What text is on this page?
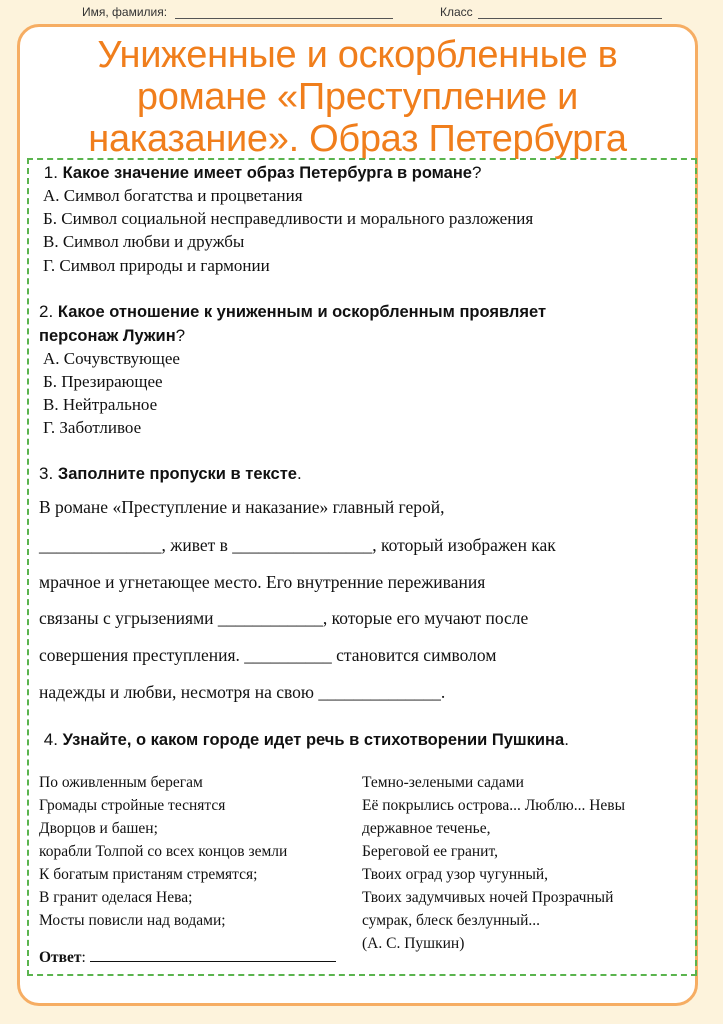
Имя, фамилия:	Класс
Униженные и оскорбленные в
романе «Преступление и
наказание». Образ Петербурга
1. Какое значение имеет образ Петербурга в романе?
А. Символ богатства и процветания
Б. Символ социальной несправедливости и морального разложения
В. Символ любви и дружбы
Г. Символ природы и гармонии
2. Какое отношение к униженным и оскорбленным проявляет
персонаж Лужин?
А. Сочувствующее
Б. Презирающее
В. Нейтральное
Г. Заботливое
3. Заполните пропуски в тексте.
В романе «Преступление и наказание» главный герой,
______________, живет в ________________, который изображен как
мрачное и угнетающее место. Его внутренние переживания
связаны с угрызениями ____________, которые его мучают после
совершения преступления. __________ становится символом
надежды и любви, несмотря на свою ______________.
4. Узнайте, о каком городе идет речь в стихотворении Пушкина.
По оживленным берегам
Громады стройные теснятся
Дворцов и башен;
корабли Толпой со всех концов земли
К богатым пристаням стремятся;
В гранит оделася Нева;
Мосты повисли над водами;
Темно-зелеными садами
Её покрылись острова... Люблю... Невы
державное теченье,
Береговой ее гранит,
Твоих оград узор чугунный,
Твоих задумчивых ночей Прозрачный
сумрак, блеск безлунный...
(А. С. Пушкин)
Ответ:
